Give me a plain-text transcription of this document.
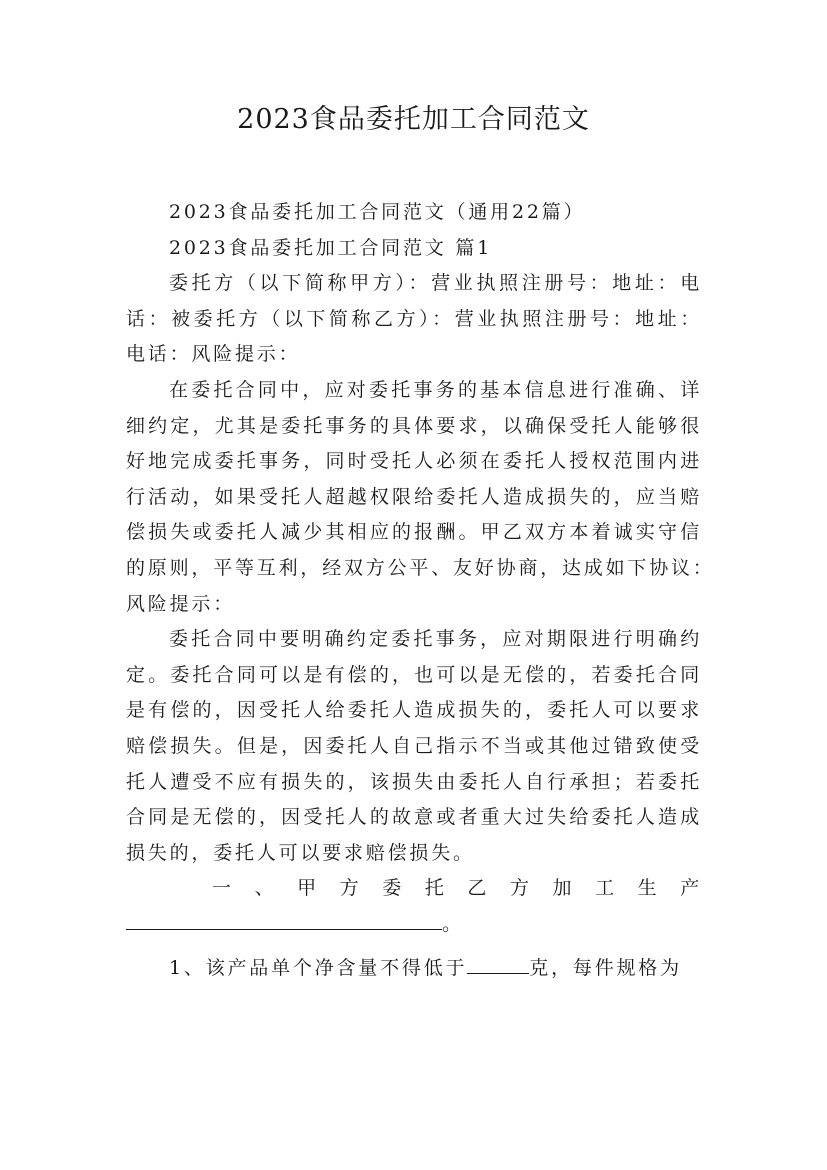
2023食品委托加工合同范文
2023食品委托加工合同范文（通用22篇）
2023食品委托加工合同范文 篇1
委托方（以下简称甲方）：营业执照注册号：地址：电
话：被委托方（以下简称乙方）：营业执照注册号：地址：
电话：风险提示：
在委托合同中，应对委托事务的基本信息进行准确、详
细约定，尤其是委托事务的具体要求，以确保受托人能够很
好地完成委托事务，同时受托人必须在委托人授权范围内进
行活动，如果受托人超越权限给委托人造成损失的，应当赔
偿损失或委托人减少其相应的报酬。甲乙双方本着诚实守信
的原则，平等互利，经双方公平、友好协商，达成如下协议：
风险提示：
委托合同中要明确约定委托事务，应对期限进行明确约
定。委托合同可以是有偿的，也可以是无偿的，若委托合同
是有偿的，因受托人给委托人造成损失的，委托人可以要求
赔偿损失。但是，因委托人自己指示不当或其他过错致使受
托人遭受不应有损失的，该损失由委托人自行承担；若委托
合同是无偿的，因受托人的故意或者重大过失给委托人造成
损失的，委托人可以要求赔偿损失。
一 、 甲 方 委 托 乙 方 加 工 生 产
。
1、该产品单个净含量不得低于	克，每件规格为
